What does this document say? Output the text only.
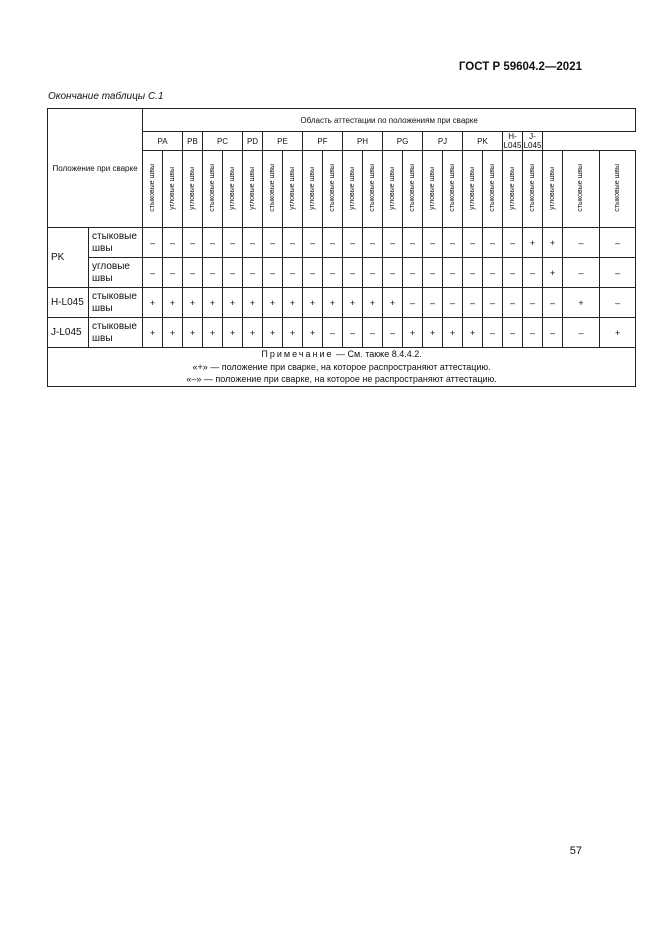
ГОСТ Р 59604.2—2021
Окончание таблицы С.1
Положение при сварке		Область аттестации по положениям при сварке																						
		PA		PB	PC		PD	PE		PF		PH		PG		PJ		PK		H-L045	J-L045			
		стыковые швы	угловые швы	угловые швы	стыковые швы	угловые швы	угловые швы	стыковые швы	угловые швы	угловые швы	стыковые швы	угловые швы	стыковые швы	угловые швы	стыковые швы	угловые швы	стыковые швы	угловые швы	стыковые швы	угловые швы	стыковые швы	угловые швы	стыковые швы	стыковые швы
PK	стыковые швы	–	–	–	–	–	–	–	–	–	–	–	–	–	–	–	–	–	–	–	+	+	–	–
	угловые швы	–	–	–	–	–	–	–	–	–	–	–	–	–	–	–	–	–	–	–	–	+	–	–
H-L045	стыковые швы	+	+	+	+	+	+	+	+	+	+	+	+	+	–	–	–	–	–	–	–	–	+	–
J-L045	стыковые швы	+	+	+	+	+	+	+	+	+	–	–	–	–	+	+	+	+	–	–	–	–	–	+

Примечание — См. также 8.4.4.2.
«+» — положение при сварке, на которое распространяют аттестацию.
«–» — положение при сварке, на которое не распространяют аттестацию.																								
57
